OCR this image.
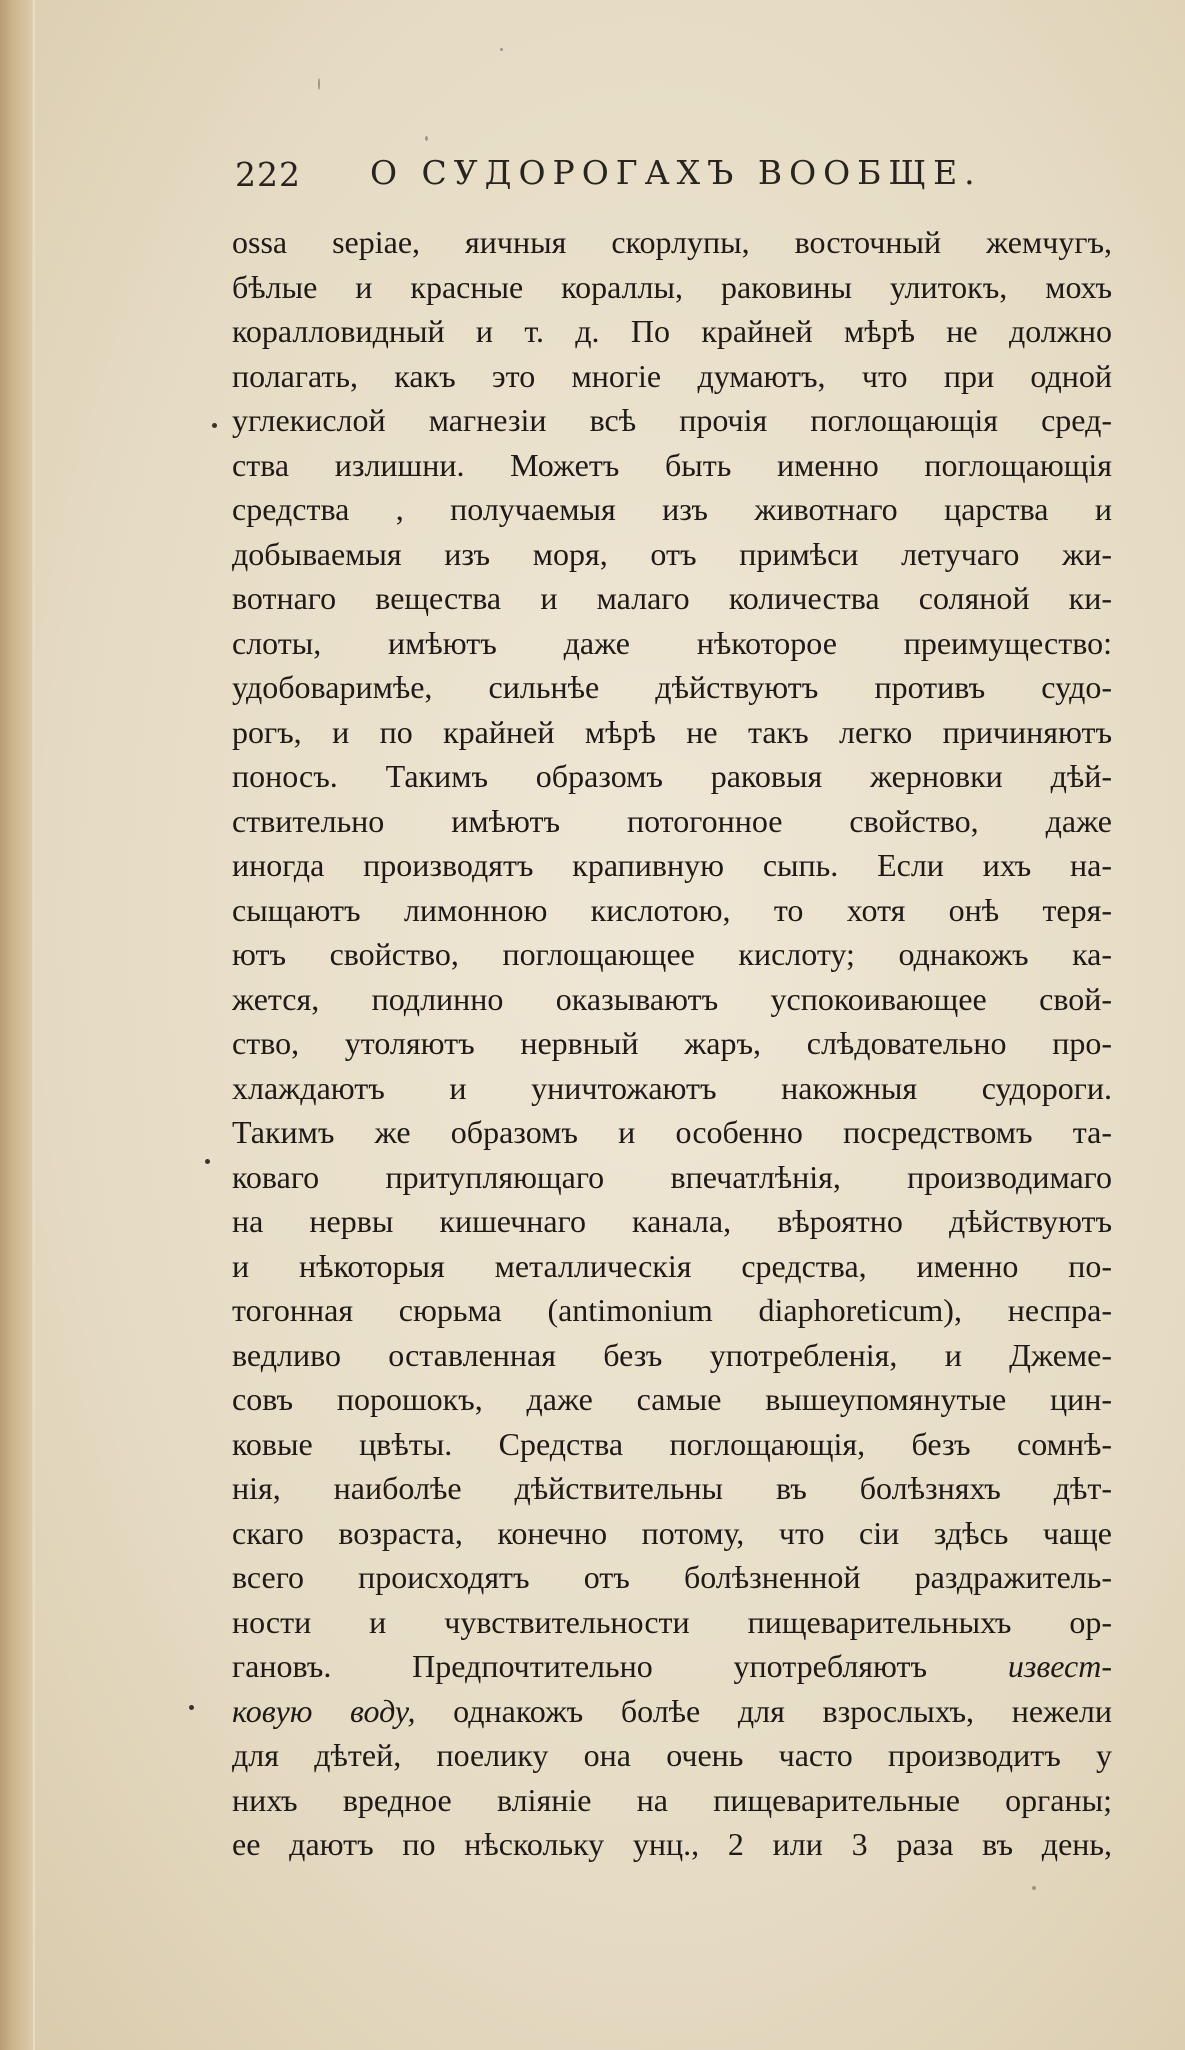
222 О СУДОРОГАХЪ ВООБЩЕ.
ossa sepiae, яичныя скорлупы, восточный жемчугъ,
бѣлые и красные кораллы, раковины улитокъ, мохъ
коралловидный и т. д. По крайней мѣрѣ не должно
полагать, какъ это многіе думаютъ, что при одной
углекислой магнезіи всѣ прочія поглощающія сред-
ства излишни. Можетъ быть именно поглощающія
средства , получаемыя изъ животнаго царства и
добываемыя изъ моря, отъ примѣси летучаго жи-
вотнаго вещества и малаго количества соляной ки-
слоты, имѣютъ даже нѣкоторое преимущество:
удобоваримѣе, сильнѣе дѣйствуютъ противъ судо-
рогъ, и по крайней мѣрѣ не такъ легко причиняютъ
поносъ. Такимъ образомъ раковыя жерновки дѣй-
ствительно имѣютъ потогонное свойство, даже
иногда производятъ крапивную сыпь. Если ихъ на-
сыщаютъ лимонною кислотою, то хотя онѣ теря-
ютъ свойство, поглощающее кислоту; однакожъ ка-
жется, подлинно оказываютъ успокоивающее свой-
ство, утоляютъ нервный жаръ, слѣдовательно про-
хлаждаютъ и уничтожаютъ накожныя судороги.
Такимъ же образомъ и особенно посредствомъ та-
коваго притупляющаго впечатлѣнія, производимаго
на нервы кишечнаго канала, вѣроятно дѣйствуютъ
и нѣкоторыя металлическія средства, именно по-
тогонная сюрьма (antimonium diaphoreticum), неспра-
ведливо оставленная безъ употребленія, и Джеме-
совъ порошокъ, даже самые вышеупомянутые цин-
ковые цвѣты. Средства поглощающія, безъ сомнѣ-
нія, наиболѣе дѣйствительны въ болѣзняхъ дѣт-
скаго возраста, конечно потому, что сіи здѣсь чаще
всего происходятъ отъ болѣзненной раздражитель-
ности и чувствительности пищеварительныхъ ор-
гановъ. Предпочтительно употребляютъ извест-
ковую воду, однакожъ болѣе для взрослыхъ, нежели
для дѣтей, поелику она очень часто производитъ у
нихъ вредное вліяніе на пищеварительные органы;
ее даютъ по нѣскольку унц., 2 или 3 раза въ день,
